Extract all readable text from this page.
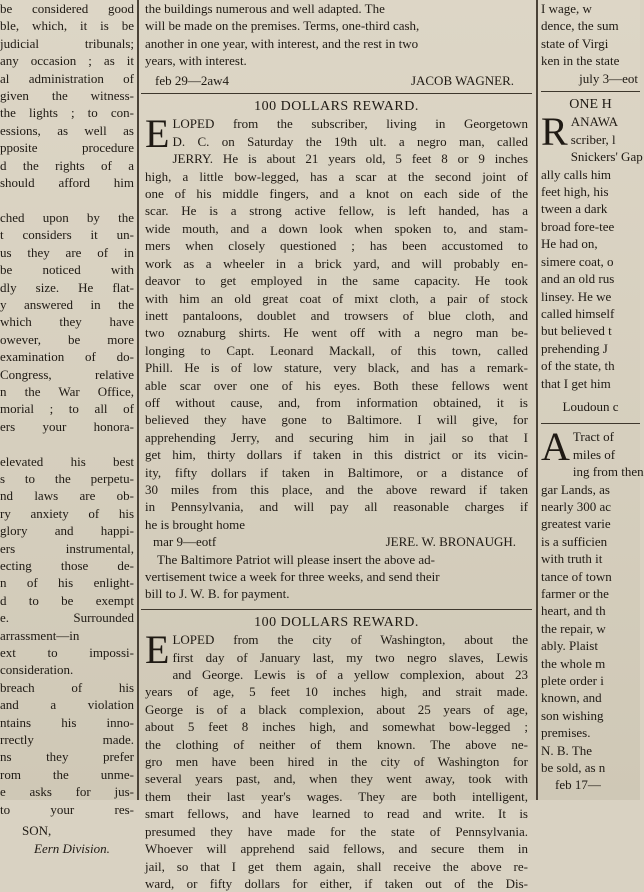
be considered good
ble, which, it is be
judicial tribunals;
any occasion ; as it
al administration of
given the witness-
the lights ; to con-
essions, as well as
pposite procedure
d the rights of a
should afford him

ched upon by the
t considers it un-
us they are of in
be noticed with
dly size. He flat-
y answered in the
which they have
owever, be more
examination of do-
Congress, relative
n the War Office,
morial ; to all of
ers your honora-

elevated his best
s to the perpetu-
nd laws are ob-
ry anxiety of his
glory and happi-
ers instrumental,
ecting those de-
n of his enlight-
d to be exempt
e. Surrounded
arrassment—in
ext to impossi-
consideration.
breach of his
and a violation
ntains his inno-
rrectly made.
ns they prefer
rom the unme-
e asks for jus-
to your res-
SON,
Eern Division.
the buildings numerous and well adapted. The
will be made on the premises. Terms, one-third cash,
another in one year, with interest, and the rest in two
years, with interest.
feb 29—2aw4	JACOB WAGNER.
100 DOLLARS REWARD.
E LOPED from the subscriber, living in Georgetown
D. C. on Saturday the 19th ult. a negro man, called
JERRY. He is about 21 years old, 5 feet 8 or 9 inches
high, a little bow-legged, has a scar at the second joint of
one of his middle fingers, and a knot on each side of the
scar. He is a strong active fellow, is left handed, has a
wide mouth, and a down look when spoken to, and stam-
mers when closely questioned ; has been accustomed to
work as a wheeler in a brick yard, and will probably en-
deavor to get employed in the same capacity. He took
with him an old great coat of mixt cloth, a pair of stock
inett pantaloons, doublet and trowsers of blue cloth, and
two oznaburg shirts. He went off with a negro man be-
longing to Capt. Leonard Mackall, of this town, called
Phill. He is of low stature, very black, and has a remark-
able scar over one of his eyes. Both these fellows went
off without cause, and, from information obtained, it is
believed they have gone to Baltimore. I will give, for
apprehending Jerry, and securing him in jail so that I
get him, thirty dollars if taken in this district or its vicin-
ity, fifty dollars if taken in Baltimore, or a distance of
30 miles from this place, and the above reward if taken
in Pennsylvania, and will pay all reasonable charges if
he is brought home
mar 9—eotf	JERE. W. BRONAUGH.
The Baltimore Patriot will please insert the above ad-
vertisement twice a week for three weeks, and send their
bill to J. W. B. for payment.
100 DOLLARS REWARD.
E LOPED from the city of Washington, about the
first day of January last, my two negro slaves, Lewis
and George. Lewis is of a yellow complexion, about 23
years of age, 5 feet 10 inches high, and strait made.
George is of a black complexion, about 25 years of age,
about 5 feet 8 inches high, and somewhat bow-legged ;
the clothing of neither of them known. The above ne-
gro men have been hired in the city of Washington for
several years past, and, when they went away, took with
them their last year's wages. They are both intelligent,
smart fellows, and have learned to read and write. It is
presumed they have made for the state of Pennsylvania.
Whoever will apprehend said fellows, and secure them in
jail, so that I get them again, shall receive the above re-
ward, or fifty dollars for either, if taken out of the Dis-
I wage, w
dence, the sum
state of Virgi
ken in the state
july 3—eot
ONE H
R ANAWA
scriber, l
Snickers' Gap
ally calls him
feet high, his
tween a dark
broad fore-tee
He had on,
simere coat, o
and an old rus
linsey. He we
called himself
but believed t
prehending J
of the state, th
that I get him
Loudoun c
A Tract of
miles of
ing from then
gar Lands, as
nearly 300 ac
greatest varie
is a sufficien
with truth it
tance of town
farmer or the
heart, and th
the repair, w
ably. Plaist
the whole m
plete order i
known, and
son wishing
premises.
N. B. The
be sold, as n
feb 17—
